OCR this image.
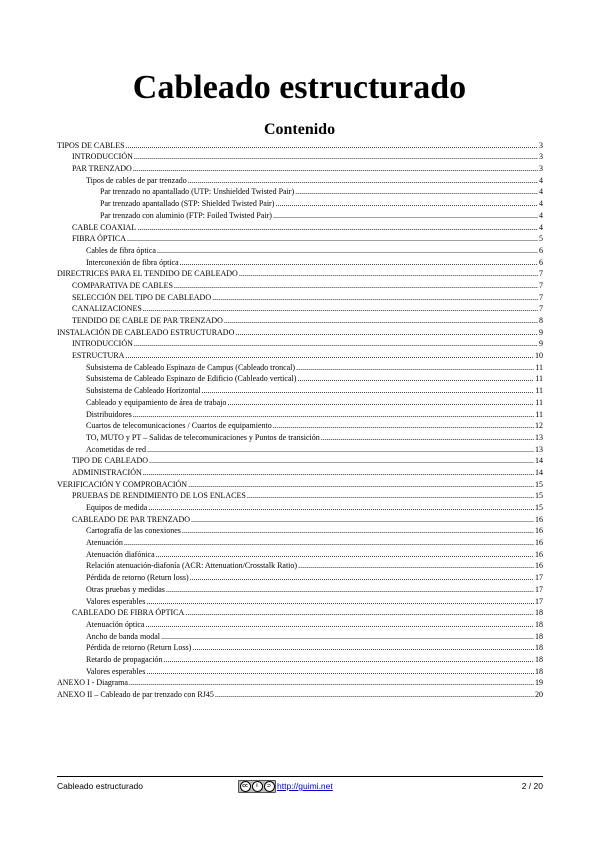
Cableado estructurado
Contenido
TIPOS DE CABLES .....	3
INTRODUCCIÓN .....	3
PAR TRENZADO .....	3
Tipos de cables de par trenzado .....	4
Par trenzado no apantallado (UTP: Unshielded Twisted Pair) .....	4
Par trenzado apantallado (STP: Shielded Twisted Pair) .....	4
Par trenzado con aluminio (FTP: Foiled Twisted Pair) .....	4
CABLE COAXIAL .....	4
FIBRA ÓPTICA .....	5
Cables de fibra óptica .....	6
Interconexión de fibra óptica .....	6
DIRECTRICES PARA EL TENDIDO DE CABLEADO .....	7
COMPARATIVA DE CABLES .....	7
SELECCIÓN DEL TIPO DE CABLEADO .....	7
CANALIZACIONES .....	7
TENDIDO DE CABLE DE PAR TRENZADO .....	8
INSTALACIÓN DE CABLEADO ESTRUCTURADO .....	9
INTRODUCCIÓN .....	9
ESTRUCTURA .....	10
Subsistema de Cableado Espinazo de Campus (Cableado troncal) .....	11
Subsistema de Cableado Espinazo de Edificio (Cableado vertical) .....	11
Subsistema de Cableado Horizontal .....	11
Cableado y equipamiento de área de trabajo .....	11
Distribuidores .....	11
Cuartos de telecomunicaciones / Cuartos de equipamiento .....	12
TO, MUTO y PT – Salidas de telecomunicaciones y Puntos de transición .....	13
Acometidas de red .....	13
TIPO DE CABLEADO .....	14
ADMINISTRACIÓN .....	14
VERIFICACIÓN Y COMPROBACIÓN .....	15
PRUEBAS DE RENDIMIENTO DE LOS ENLACES .....	15
Equipos de medida .....	15
CABLEADO DE PAR TRENZADO .....	16
Cartografía de las conexiones .....	16
Atenuación .....	16
Atenuación diafónica .....	16
Relación atenuación-diafonía (ACR: Attenuation/Crosstalk Ratio) .....	16
Pérdida de retorno (Return loss) .....	17
Otras pruebas y medidas .....	17
Valores esperables .....	17
CABLEADO DE FIBRA ÓPTICA .....	18
Atenuación óptica .....	18
Ancho de banda modal .....	18
Pérdida de retorno (Return Loss) .....	18
Retardo de propagación .....	18
Valores esperables .....	18
ANEXO I - Diagrama .....	19
ANEXO II – Cableado de par trenzado con RJ45 .....	20
Cableado estructurado	cc	i	⊃ http://guimi.net	2 / 20
